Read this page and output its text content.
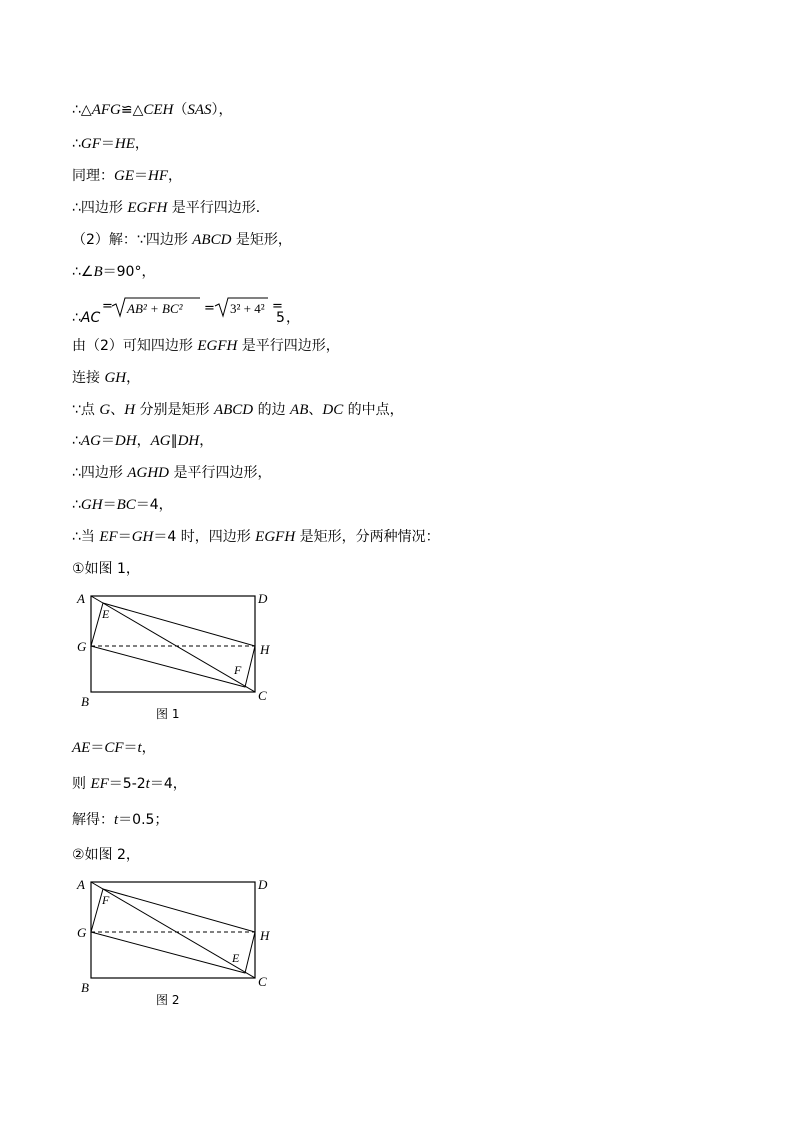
∴△AFG≌△CEH（SAS），
∴GF＝HE，
同理：GE＝HF，
∴四边形 EGFH 是平行四边形．
（2）解：∵四边形 ABCD 是矩形，
∴∠B＝90°，
∴AC
= AB² + BC² = 3² + 4² =
5 ，
由（2）可知四边形 EGFH 是平行四边形，
连接 GH，
∵点 G、H 分别是矩形 ABCD 的边 AB、DC 的中点，
∴AG＝DH，AG∥DH，
∴四边形 AGHD 是平行四边形，
∴GH＝BC＝4，
∴当 EF＝GH＝4 时，四边形 EGFH 是矩形，分两种情况：
①如图 1，
A	D
G	H
E
F
B	C
图 1
AE＝CF＝t，
则 EF＝5-2t＝4，
解得：t＝0.5；
②如图 2，
A	D
G	H
F
E
B	C
图 2
